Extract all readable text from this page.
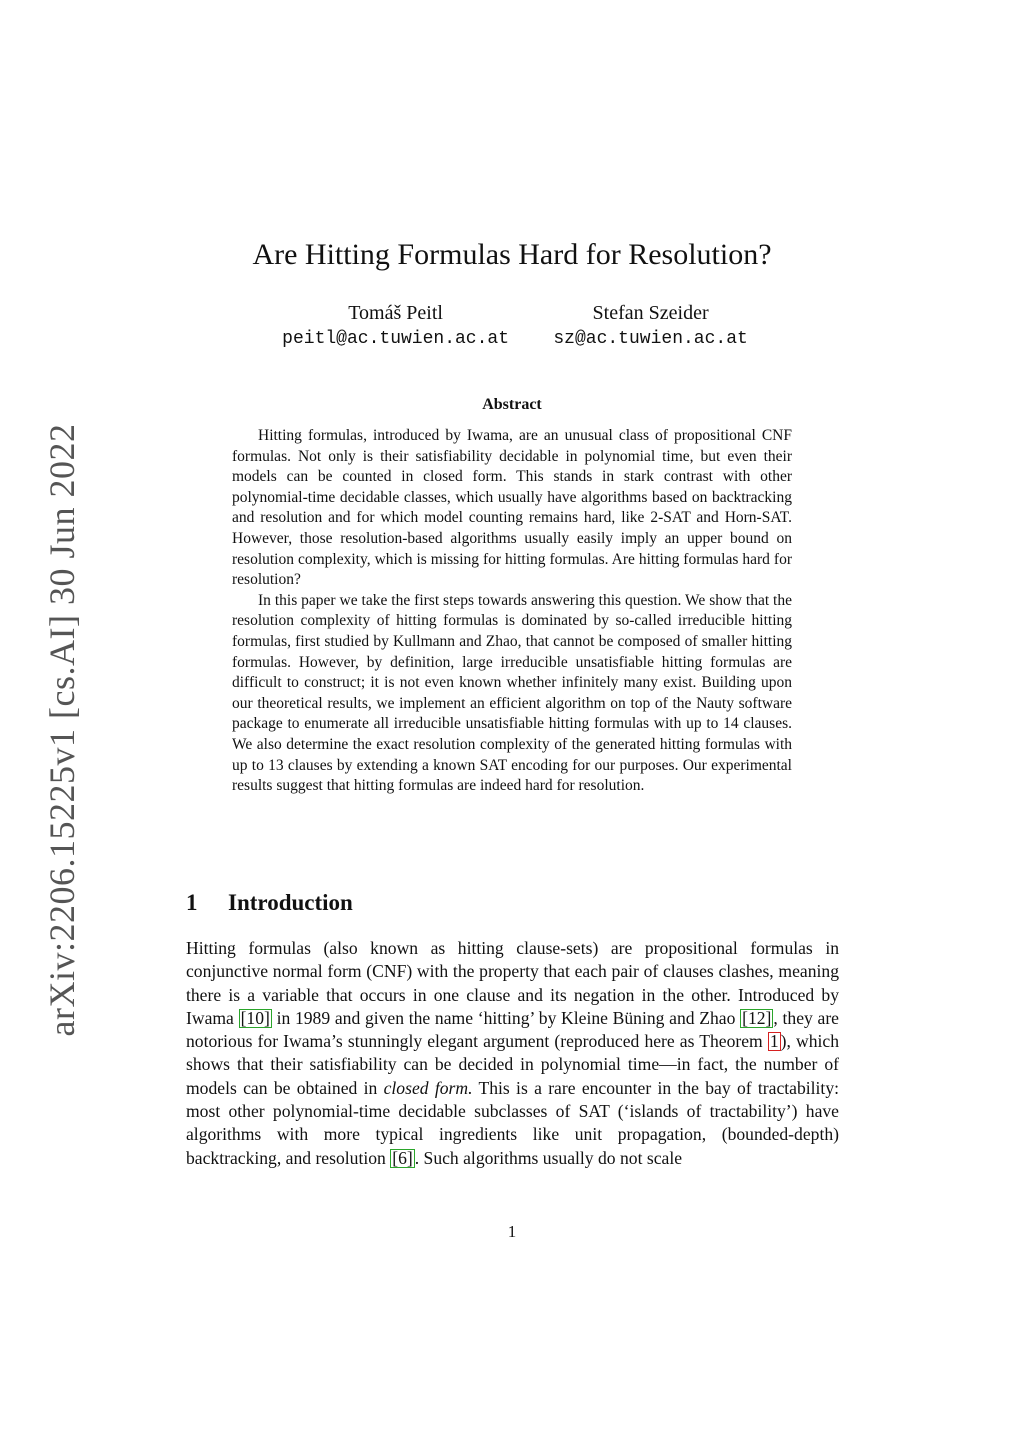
arXiv:2206.15225v1 [cs.AI] 30 Jun 2022
Are Hitting Formulas Hard for Resolution?
Tomáš Peitl
peitl@ac.tuwien.ac.at
Stefan Szeider
sz@ac.tuwien.ac.at
Abstract

Hitting formulas, introduced by Iwama, are an unusual class of propositional CNF formulas. Not only is their satisfiability decidable in polynomial time, but even their models can be counted in closed form. This stands in stark contrast with other polynomial-time decidable classes, which usually have algorithms based on backtracking and resolution and for which model counting remains hard, like 2-SAT and Horn-SAT. However, those resolution-based algorithms usually easily imply an upper bound on resolution complexity, which is missing for hitting formulas. Are hitting formulas hard for resolution?

In this paper we take the first steps towards answering this question. We show that the resolution complexity of hitting formulas is dominated by so-called irreducible hitting formulas, first studied by Kullmann and Zhao, that cannot be composed of smaller hitting formulas. However, by definition, large irreducible unsatisfiable hitting formulas are difficult to construct; it is not even known whether infinitely many exist. Building upon our theoretical results, we implement an efficient algorithm on top of the Nauty software package to enumerate all irreducible unsatisfiable hitting formulas with up to 14 clauses. We also determine the exact resolution complexity of the generated hitting formulas with up to 13 clauses by extending a known SAT encoding for our purposes. Our experimental results suggest that hitting formulas are indeed hard for resolution.

1 Introduction

Hitting formulas (also known as hitting clause-sets) are propositional formulas in conjunctive normal form (CNF) with the property that each pair of clauses clashes, meaning there is a variable that occurs in one clause and its negation in the other. Introduced by Iwama [10] in 1989 and given the name ‘hitting’ by Kleine Büning and Zhao [12] , they are notorious for Iwama’s stunningly elegant argument (reproduced here as Theorem 1 ), which shows that their satisfiability can be decided in polynomial time—in fact, the number of models can be obtained in closed form. This is a rare encounter in the bay of tractability: most other polynomial-time decidable subclasses of SAT (‘islands of tractability’) have algorithms with more typical ingredients like unit propagation, (bounded-depth) backtracking, and resolution [6] . Such algorithms usually do not scale

1
